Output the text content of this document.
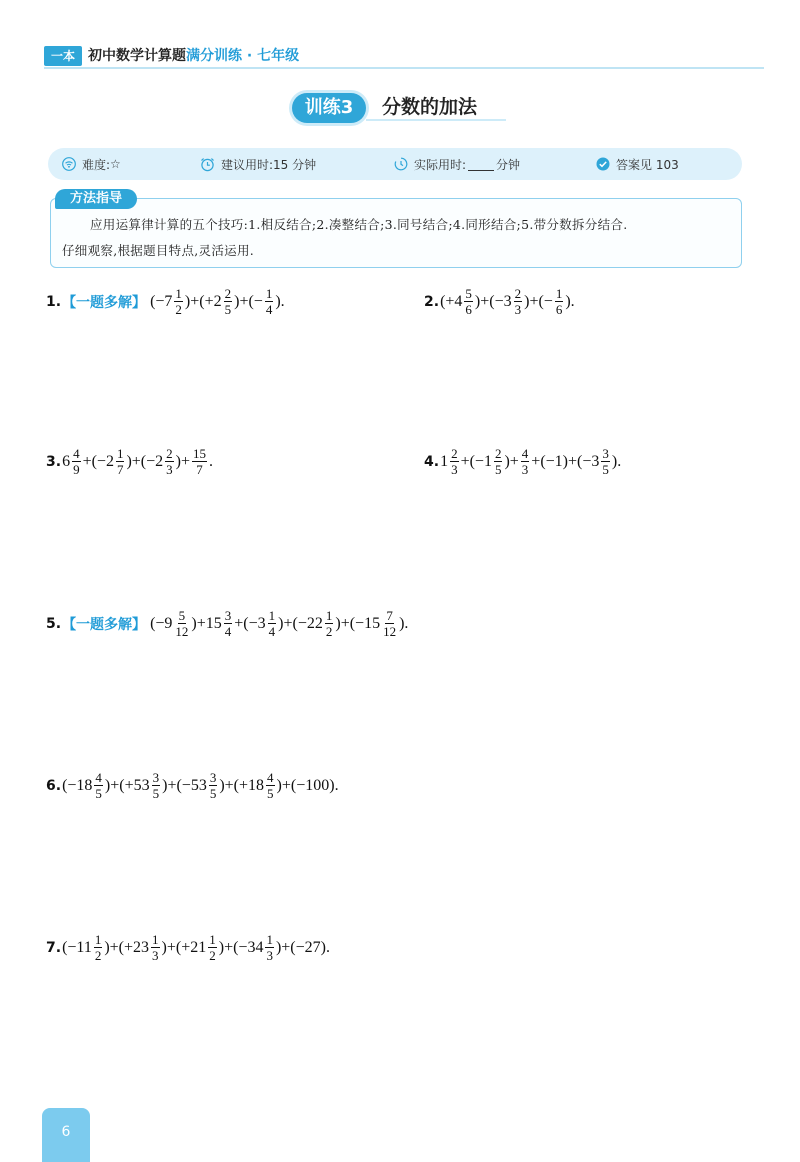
一本 初中数学计算题满分训练 · 七年级
训练3	分数的加法
难度: ☆	建议用时:15 分钟	实际用时:	分钟	答案见 103
方法指导
应用运算律计算的五个技巧:1.相反结合;2.凑整结合;3.同号结合;4.同形结合;5.带分数拆分结合.
仔细观察,根据题目特点,灵活运用.
1. 【一题多解】 ( $-7 \frac{1}{2} )+(+2 \frac{2}{5}$ )+(− $\frac{1}{4}$ ).	2. $(+4 \frac{5}{6} )+(-3 \frac{2}{3}$ )+(− $\frac{1}{6}$ ).
3. $6 \frac{4}{9} +(-2 \frac{1}{7} )+(-2 \frac{2}{3}$ )+ $\frac{15}{7}$ .	4. $1 \frac{2}{3} +(-1 \frac{2}{5}$ )+ $\frac{4}{3} +(-1)+(-3 \frac{3}{5}$ ).
5. 【一题多解】 $(-9 \frac{5}{12} )+15 \frac{3}{4} +(-3 \frac{1}{4} )+(-22 \frac{1}{2} )+(-15 \frac{7}{12}$ ).
6. $(-18 \frac{4}{5} )+(+53 \frac{3}{5} )+(-53 \frac{3}{5} )+(+18 \frac{4}{5} )+(-100)$.
7. $(-11 \frac{1}{2} )+(+23 \frac{1}{3} )+(+21 \frac{1}{2} )+(-34 \frac{1}{3} )+(-27)$.
6
